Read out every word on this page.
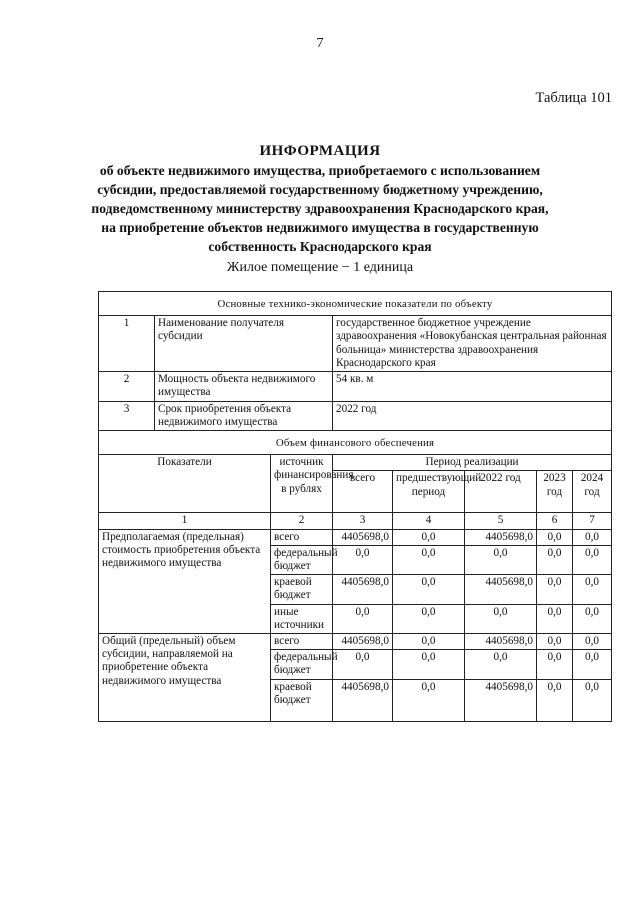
7
Таблица 101
ИНФОРМАЦИЯ
об объекте недвижимого имущества, приобретаемого с использованием
субсидии, предоставляемой государственному бюджетному учреждению,
подведомственному министерству здравоохранения Краснодарского края,
на приобретение объектов недвижимого имущества в государственную
собственность Краснодарского края
Жилое помещение − 1 единица
Основные технико-экономические показатели по объекту							
1	Наименование получателя субсидии		государственное бюджетное учреждение здравоохранения «Новокубанская центральная районная больница» министерства здравоохранения Краснодарского края				
2	Мощность объекта недвижимого имущества		54 кв. м				
3	Срок приобретения объекта недвижимого имущества		2022 год				
Объем финансового обеспечения							
Показатели		источник финансирования в рублях	Период реализации				
			всего	предшествующий период	2022 год	2023 год	2024 год
1		2	3	4	5	6	7
Предполагаемая (предельная) стоимость приобретения объекта недвижимого имущества		всего	4405698,0	0,0	4405698,0	0,0	0,0
		федеральный бюджет	0,0	0,0	0,0	0,0	0,0
		краевой бюджет	4405698,0	0,0	4405698,0	0,0	0,0
		иные источники	0,0	0,0	0,0	0,0	0,0
Общий (предельный) объем субсидии, направляемой на приобретение объекта недвижимого имущества		всего	4405698,0	0,0	4405698,0	0,0	0,0
		федеральный бюджет	0,0	0,0	0,0	0,0	0,0
		краевой бюджет	4405698,0	0,0	4405698,0	0,0	0,0
